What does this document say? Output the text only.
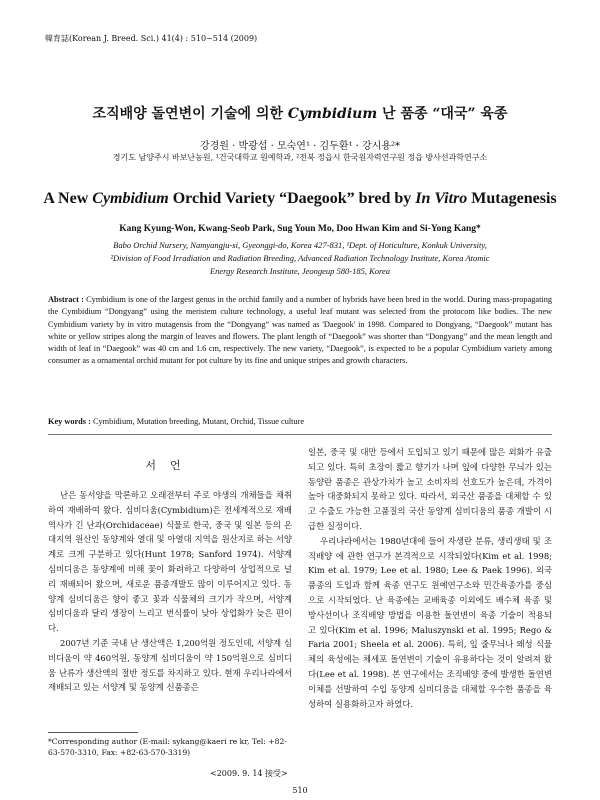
韓育誌(Korean J. Breed. Sci.) 41(4) : 510~514 (2009)
조직배양 돌연변이 기술에 의한 Cymbidium 난 품종 “대국” 육종
강경원 · 박광섭 · 모숙연¹ · 김두환¹ · 강시용²*
경기도 남양주시 바보난농원, ¹건국대학교 원예학과, ²전북 정읍시 한국원자력연구원 정읍 방사선과학연구소
A New Cymbidium Orchid Variety “Daegook” bred by In Vitro Mutagenesis
Kang Kyung-Won, Kwang-Seob Park, Sug Youn Mo, Doo Hwan Kim and Si-Yong Kang*
Babo Orchid Nursery, Namyangju-si, Gyeonggi-do, Korea 427-831, ¹Dept. of Hoticulture, Konkuk University,
²Division of Food Irradiation and Radiation Breeding, Advanced Radiation Technology Institute, Korea Atomic
Energy Research Institute, Jeongeup 580-185, Korea
Abstract : Cymbidium is one of the largest genus in the orchid family and a number of hybrids have been bred in the world. During mass-propagating the Cymbidium “Dongyang” using the meristem culture technology, a useful leaf mutant was selected from the protocom like bodies. The new Cymbidium variety by in vitro mutagensis from the “Dongyang” was named as 'Daegook' in 1998. Compared to Dongyang, “Daegook” mutant has white or yellow stripes along the margin of leaves and flowers. The plant length of “Daegook” was shorter than “Dongyang” and the mean length and width of leaf in “Daegook” was 40 cm and 1.6 cm, respectively. The new variety, “Daegook”, is expected to be a popular Cymbidium variety among consumer as a ornamental orchid mutant for pot culture by its fine and unique stripes and growth characters.
Key words : Cymbidium, Mutation breeding, Mutant, Orchid, Tissue culture
서언

난은 동서양을 막론하고 오래전부터 주로 야생의 개체들을 채취하여 재배하여 왔다. 심비디움(Cymbidium)은 전세계적으로 재배역사가 긴 난과(Orchidaceae) 식물로 한국, 중국 및 일본 등의 온대지역 원산인 동양계와 열대 및 아열대 지역을 원산지로 하는 서양계로 크게 구분하고 있다(Hunt 1978; Sanford 1974). 서양계 심비디움은 동양계에 비해 꽃이 화려하고 다양하여 상업적으로 널리 재배되어 왔으며, 새로운 품종개발도 많이 이루어지고 있다. 동양계 심비디움은 향이 좋고 꽃과 식물체의 크기가 작으며, 서양계 심비디움과 달리 생장이 느리고 번식률이 낮아 상업화가 늦은 편이다.

2007년 기준 국내 난 생산액은 1,200억원 정도인데, 서양계 심비디움이 약 460억원, 동양계 심비디움이 약 150억원으로 심비디움 난류가 생산액의 절반 정도를 차지하고 있다. 현재 우리나라에서 재배되고 있는 서양계 및 동양계 신품종은

일본, 중국 및 대만 등에서 도입되고 있기 때문에 많은 외화가 유출되고 있다. 특히 초장이 짧고 향기가 나며 잎에 다양한 무늬가 있는 동양란 품종은 관상가치가 높고 소비자의 선호도가 높은데, 가격이 높아 대중화되지 못하고 있다. 따라서, 외국산 품종을 대체할 수 있고 수출도 가능한 고품질의 국산 동양계 심비디움의 품종 개발이 시급한 실정이다.

우리나라에서는 1980년대에 들어 자생란 분류, 생리생태 및 조직배양 에 관한 연구가 본격적으로 시작되었다(Kim et al. 1998; Kim et al. 1979; Lee et al. 1980; Lee & Paek 1996). 외국 품종의 도입과 함께 육종 연구도 원예연구소와 민간육종가를 중심으로 시작되었다. 난 육종에는 교배육종 이외에도 배수체 육종 및 방사선이나 조직배양 방법을 이용한 돌연변이 육종 기술이 적용되고 있다(Kim et al. 1996; Maluszynski et al. 1995; Rego & Faria 2001; Sheela et al. 2006). 특히, 잎 줄무늬나 왜성 식물체의 육성에는 체세포 돌연변이 기술이 유용하다는 것이 알려져 왔다(Lee et al. 1998). 본 연구에서는 조직배양 중에 발생한 돌연변이체를 선발하여 수입 동양계 심비디움을 대체할 우수한 품종을 육성하여 실용화하고자 하였다.

*Corresponding author (E-mail: sykang@kaeri re kr, Tel: +82-63-570-3310, Fax: +82-63-570-3319)
<2009. 9. 14 接受>
510
